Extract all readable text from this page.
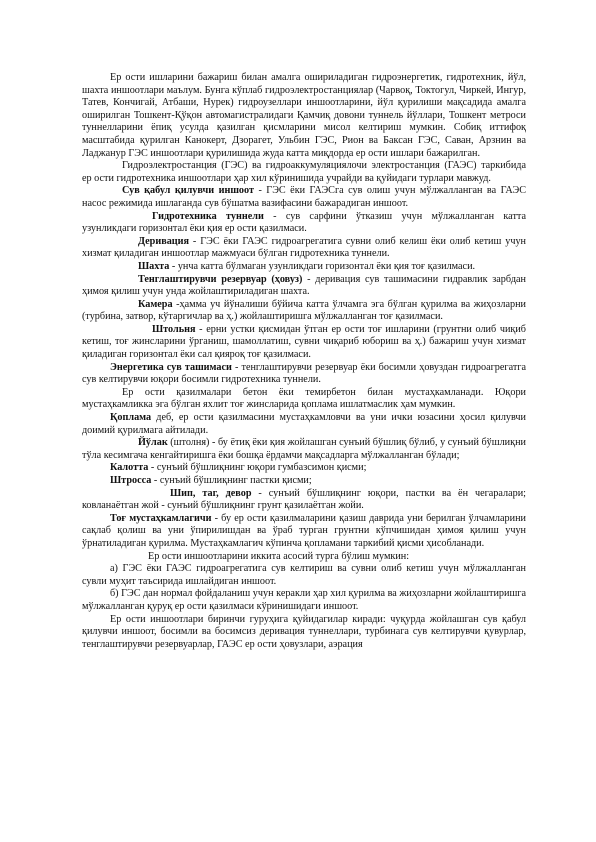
Ер ости ишларини бажариш билан амалга ошириладиган гидроэнергетик, гидротехник, йўл, шахта иншоотлари маълум. Бунга кўплаб гидроэлектростанциялар (Чарвоқ, Токтогул, Чиркей, Ингур, Татев, Кончигай, Атбаши, Нурек) гидроузеллари иншоотларини, йўл қурилиши мақсадида амалга оширилган Тошкент-Қўқон автомагистралидаги Қамчиқ довони туннель йўллари, Тошкент метроси туннелларини ёпиқ усулда қазилган қисмларини мисол келтириш мумкин. Собиқ иттифоқ масштабида қурилган Канокерт, Дзорагет, Ульбин ГЭС, Рион ва Баксан ГЭС, Саван, Арзнин ва Ладжанур ГЭС иншоотлари қурилишида жуда катта миқдорда ер ости ишлари бажарилган.

Гидроэлектростанция (ГЭС) ва гидроаккумуляциялочи электростанция (ГАЭС) таркибида ер ости гидротехника иншоотлари ҳар хил кўринишида учрайди ва қуйидаги турлари мавжуд.

Сув қабул қилувчи иншоот - ГЭС ёки ГАЭСга сув олиш учун мўлжалланган ва ГАЭС насос режимида ишлаганда сув бўшатма вазифасини бажарадиган иншоот.

Гидротехника туннели - сув сарфини ўтказиш учун мўлжалланган катта узунликдаги горизонтал ёки қия ер ости қазилмаси.

Деривация - ГЭС ёки ГАЭС гидроагрегатига сувни олиб келиш ёки олиб кетиш учун хизмат қиладиган иншоотлар мажмуаси бўлган гидротехника туннели.

Шахта - унча катта бўлмаган узунликдаги горизонтал ёки қия тоғ қазилмаси.

Тенглаштирувчи резервуар (ҳовуз) - деривация сув ташимасини гидравлик зарбдан ҳимоя қилиш учун унда жойлаштириладиган шахта.

Камера -ҳамма уч йўналиши бўйича катта ўлчамга эга бўлган қурилма ва жиҳозларни (турбина, затвор, кўтаргичлар ва ҳ.) жойлаштиришга мўлжалланган тоғ қазилмаси.

Штольня - ерни устки қисмидан ўтган ер ости тоғ ишларини (грунтни олиб чиқиб кетиш, тоғ жинсларини ўрганиш, шамоллатиш, сувни чиқариб юбориш ва ҳ.) бажариш учун хизмат қиладиган горизонтал ёки сал қияроқ тоғ қазилмаси.

Энергетика сув ташимаси - тенглаштирувчи резервуар ёки босимли ҳовуздан гидроагрегатга сув келтирувчи юқори босимли гидротехника туннели.

Ер ости қазилмалари бетон ёки темирбетон билан мустаҳкамланади. Юқори мустаҳкамликка эга бўлган яхлит тоғ жинсларида қоплама ишлатмаслик ҳам мумкин.

Қоплама деб, ер ости қазилмасини мустаҳкамловчи ва уни ички юзасини ҳосил қилувчи доимий қурилмага айтилади.

Йўлак (штолня) - бу ётиқ ёки қия жойлашган сунъий бўшлиқ бўлиб, у сунъий бўшлиқни тўла кесимгача кенгайтиришга ёки бошқа ёрдамчи мақсадларга мўлжалланган бўлади;

Калотта - сунъий бўшлиқнинг юқори гумбазсимон қисми;

Штросса - сунъий бўшлиқнинг пастки қисми;

Шип, таг, девор - сунъий бўшлиқнинг юқори, пастки ва ён чегаралари; ковланаётган жой - сунъий бўшлиқнинг грунт қазилаётган жойи.

Тоғ мустаҳкамлагичи - бу ер ости қазилмаларини қазиш даврида уни берилган ўлчамларини сақлаб қолиш ва уни ўпирилишдан ва ўраб турган грунтни кўпчишидан ҳимоя қилиш учун ўрнатиладиган қурилма. Мустаҳкамлагич кўпинча қопламани таркибий қисми ҳисобланади.

Ер ости иншоотларини иккита асосий турга бўлиш мумкин:

а) ГЭС ёки ГАЭС гидроагрегатига сув келтириш ва сувни олиб кетиш учун мўлжалланган сувли муҳит таъсирида ишлайдиган иншоот.

б) ГЭС дан нормал фойдаланиш учун керакли ҳар хил қурилма ва жиҳозларни жойлаштиришга мўлжалланган қуруқ ер ости қазилмаси кўринишидаги иншоот.

Ер ости иншоотлари биринчи гуруҳига қуйидагилар киради: чуқурда жойлашган сув қабул қилувчи иншоот, босимли ва босимсиз деривация туннеллари, турбинага сув келтирувчи қувурлар, тенглаштирувчи резервуарлар, ГАЭС ер ости ҳовузлари, аэрация
